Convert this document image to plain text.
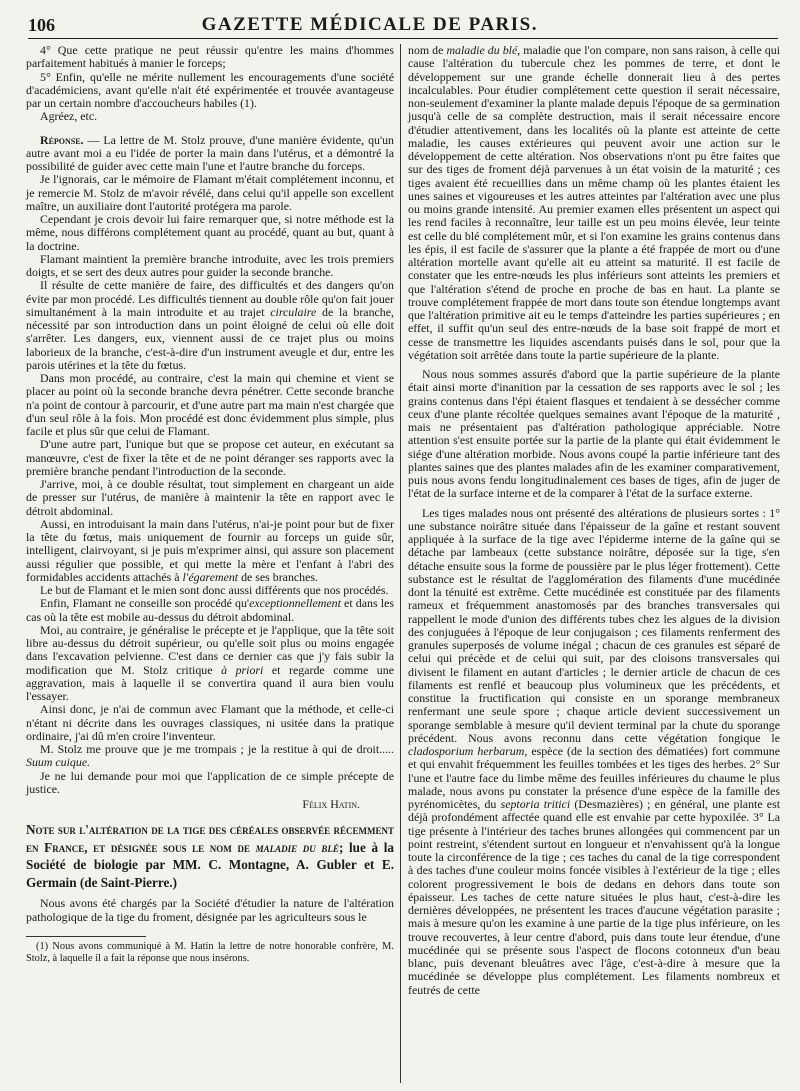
106	GAZETTE MÉDICALE DE PARIS.

4° Que cette pratique ne peut réussir qu'entre les mains d'hommes parfaitement habitués à manier le forceps;

5° Enfin, qu'elle ne mérite nullement les encouragements d'une société d'académiciens, avant qu'elle n'ait été expérimentée et trouvée avantageuse par un certain nombre d'accoucheurs habiles (1).

Agréez, etc.

Réponse. — La lettre de M. Stolz prouve, d'une manière évidente, qu'un autre avant moi a eu l'idée de porter la main dans l'utérus, et a démontré la possibilité de guider avec cette main l'une et l'autre branche du forceps.

Je l'ignorais, car le mémoire de Flamant m'était complétement inconnu, et je remercie M. Stolz de m'avoir révélé, dans celui qu'il appelle son excellent maître, un auxiliaire dont l'autorité protégera ma parole.

Cependant je crois devoir lui faire remarquer que, si notre méthode est la même, nous différons complétement quant au procédé, quant au but, quant à la doctrine.

Flamant maintient la première branche introduite, avec les trois premiers doigts, et se sert des deux autres pour guider la seconde branche.

Il résulte de cette manière de faire, des difficultés et des dangers qu'on évite par mon procédé. Les difficultés tiennent au double rôle qu'on fait jouer simultanément à la main introduite et au trajet circulaire de la branche, nécessité par son introduction dans un point éloigné de celui où elle doit s'arrêter. Les dangers, eux, viennent aussi de ce trajet plus ou moins laborieux de la branche, c'est-à-dire d'un instrument aveugle et dur, entre les parois utérines et la tête du fœtus.

Dans mon procédé, au contraire, c'est la main qui chemine et vient se placer au point où la seconde branche devra pénétrer. Cette seconde branche n'a point de contour à parcourir, et d'une autre part ma main n'est chargée que d'un seul rôle à la fois. Mon procédé est donc évidemment plus simple, plus facile et plus sûr que celui de Flamant.

D'une autre part, l'unique but que se propose cet auteur, en exécutant sa manœuvre, c'est de fixer la tête et de ne point déranger ses rapports avec la première branche pendant l'introduction de la seconde.

J'arrive, moi, à ce double résultat, tout simplement en chargeant un aide de presser sur l'utérus, de manière à maintenir la tête en rapport avec le détroit abdominal.

Aussi, en introduisant la main dans l'utérus, n'ai-je point pour but de fixer la tête du fœtus, mais uniquement de fournir au forceps un guide sûr, intelligent, clairvoyant, si je puis m'exprimer ainsi, qui assure son placement aussi régulier que possible, et qui mette la mère et l'enfant à l'abri des formidables accidents attachés à l'égarement de ses branches.

Le but de Flamant et le mien sont donc aussi différents que nos procédés.

Enfin, Flamant ne conseille son procédé qu'exceptionnellement et dans les cas où la tête est mobile au-dessus du détroit abdominal.

Moi, au contraire, je généralise le précepte et je l'applique, que la tête soit libre au-dessus du détroit supérieur, ou qu'elle soit plus ou moins engagée dans l'excavation pelvienne. C'est dans ce dernier cas que j'y fais subir la modification que M. Stolz critique à priori et regarde comme une aggravation, mais à laquelle il se convertira quand il aura bien voulu l'essayer.

Ainsi donc, je n'ai de commun avec Flamant que la méthode, et celle-ci n'étant ni décrite dans les ouvrages classiques, ni usitée dans la pratique ordinaire, j'ai dû m'en croire l'inventeur.

M. Stolz me prouve que je me trompais ; je la restitue à qui de droit..... Suum cuique.

Je ne lui demande pour moi que l'application de ce simple précepte de justice.

Félix Hatin.

Note sur l'altération de la tige des céréales observée récemment en France, et désignée sous le nom de maladie du blé; lue à la Société de biologie par MM. C. Montagne, A. Gubler et E. Germain (de Saint-Pierre.)

Nous avons été chargés par la Société d'étudier la nature de l'altération pathologique de la tige du froment, désignée par les agriculteurs sous le

(1) Nous avons communiqué à M. Hatin la lettre de notre honorable confrère, M. Stolz, à laquelle il a fait la réponse que nous insérons.

nom de maladie du blé, maladie que l'on compare, non sans raison, à celle qui cause l'altération du tubercule chez les pommes de terre, et dont le développement sur une grande échelle donnerait lieu à des pertes incalculables. Pour étudier complétement cette question il serait nécessaire, non-seulement d'examiner la plante malade depuis l'époque de sa germination jusqu'à celle de sa complète destruction, mais il serait nécessaire encore d'étudier attentivement, dans les localités où la plante est atteinte de cette maladie, les causes extérieures qui peuvent avoir une action sur le développement de cette altération. Nos observations n'ont pu être faites que sur des tiges de froment déjà parvenues à un état voisin de la maturité ; ces tiges avaient été recueillies dans un même champ où les plantes étaient les unes saines et vigoureuses et les autres atteintes par l'altération avec une plus ou moins grande intensité. Au premier examen elles présentent un aspect qui les rend faciles à reconnaître, leur taille est un peu moins élevée, leur teinte est celle du blé complétement mûr, et si l'on examine les grains contenus dans les épis, il est facile de s'assurer que la plante a été frappée de mort ou d'une altération mortelle avant qu'elle ait eu atteint sa maturité. Il est facile de constater que les entre-nœuds les plus inférieurs sont atteints les premiers et que l'altération s'étend de proche en proche de bas en haut. La plante se trouve complétement frappée de mort dans toute son étendue longtemps avant que l'altération primitive ait eu le temps d'atteindre les parties supérieures ; en effet, il suffit qu'un seul des entre-nœuds de la base soit frappé de mort et cesse de transmettre les liquides ascendants puisés dans le sol, pour que la végétation soit arrêtée dans toute la partie supérieure de la plante.

Nous nous sommes assurés d'abord que la partie supérieure de la plante était ainsi morte d'inanition par la cessation de ses rapports avec le sol ; les grains contenus dans l'épi étaient flasques et tendaient à se dessécher comme ceux d'une plante récoltée quelques semaines avant l'époque de la maturité , mais ne présentaient pas d'altération pathologique appréciable. Notre attention s'est ensuite portée sur la partie de la plante qui était évidemment le siége d'une altération morbide. Nous avons coupé la partie inférieure tant des plantes saines que des plantes malades afin de les examiner comparativement, puis nous avons fendu longitudinalement ces bases de tiges, afin de juger de l'état de la surface interne et de la comparer à l'état de la surface externe.

Les tiges malades nous ont présenté des altérations de plusieurs sortes : 1° une substance noirâtre située dans l'épaisseur de la gaîne et restant souvent appliquée à la surface de la tige avec l'épiderme interne de la gaîne qui se détache par lambeaux (cette substance noirâtre, déposée sur la tige, s'en détache ensuite sous la forme de poussière par le plus léger frottement). Cette substance est le résultat de l'agglomération des filaments d'une mucédinée dont la ténuité est extrême. Cette mucédinée est constituée par des filaments rameux et fréquemment anastomosés par des branches transversales qui rappellent le mode d'union des différents tubes chez les algues de la division des conjuguées à l'époque de leur conjugaison ; ces filaments renferment des granules superposés de volume inégal ; chacun de ces granules est séparé de celui qui précède et de celui qui suit, par des cloisons transversales qui divisent le filament en autant d'articles ; le dernier article de chacun de ces filaments est renflé et beaucoup plus volumineux que les précédents, et constitue la fructification qui consiste en un sporange membraneux renfermant une seule spore ; chaque article devient successivement un sporange semblable à mesure qu'il devient terminal par la chute du sporange précédent. Nous avons reconnu dans cette végétation fongique le cladosporium herbarum, espèce (de la section des dématiées) fort commune et qui envahit fréquemment les feuilles tombées et les tiges des herbes. 2° Sur l'une et l'autre face du limbe même des feuilles inférieures du chaume le plus malade, nous avons pu constater la présence d'une espèce de la famille des pyrénomicètes, du septoria tritici (Desmazières) ; en général, une plante est déjà profondément affectée quand elle est envahie par cette hypoxilée. 3° La tige présente à l'intérieur des taches brunes allongées qui commencent par un point restreint, s'étendent surtout en longueur et n'envahissent qu'à la longue toute la circonférence de la tige ; ces taches du canal de la tige correspondent à des taches d'une couleur moins foncée visibles à l'extérieur de la tige ; elles colorent progressivement le bois de dedans en dehors dans toute son épaisseur. Les taches de cette nature situées le plus haut, c'est-à-dire les dernières développées, ne présentent les traces d'aucune végétation parasite ; mais à mesure qu'on les examine à une partie de la tige plus inférieure, on les trouve recouvertes, à leur centre d'abord, puis dans toute leur étendue, d'une mucédinée qui se présente sous l'aspect de flocons cotonneux d'un beau blanc, puis devenant bleuâtres avec l'âge, c'est-à-dire à mesure que la mucédinée se développe plus complétement. Les filaments nombreux et feutrés de cette
